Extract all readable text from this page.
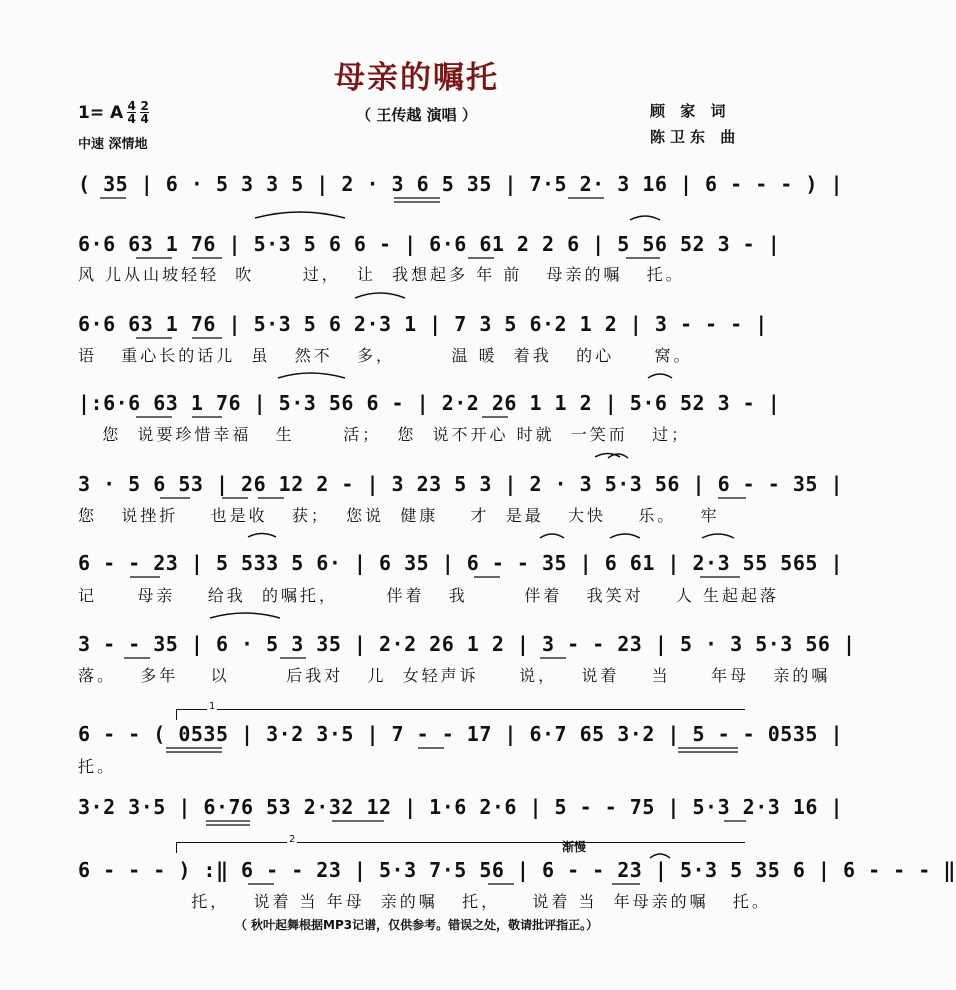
母亲的嘱托
（ 王传越 演唱 ）
1= A $\frac{4}{4} \frac{2}{4}$
中速 深情地
顾 家 词
陈卫东 曲
( 35 | 6 · 5 3 3 5 | 2 · 3 6 5 35 | 7·5 2· 3 16 | 6 - - - ) |
6·6 63 1 76 | 5·3 5 6 6 - | 6·6 61 2 2 6 | 5 56 52 3 - |
风 儿从山坡轻轻  吹      过，  让  我想起多 年 前   母亲的嘱   托。
6·6 63 1 76 | 5·3 5 6 2·3 1 | 7 3 5 6·2 1 2 | 3 - - - |
语   重心长的话儿  虽   然不   多，       温 暖  着我   的心     窝。
|:6·6 63 1 76 | 5·3 56 6 - | 2·2 26 1 1 2 | 5·6 52 3 - |
您  说要珍惜幸福   生      活；  您  说不开心 时就  一笑而   过；
3 · 5 6 53 | 26 12 2 - | 3 23 5 3 | 2 · 3 5·3 56 | 6 - - 35 |
您   说挫折    也是收   获；  您说  健康    才  是最   大快    乐。   牢
6 - - 23 | 5 533 5 6· | 6 35 | 6 - - 35 | 6 61 | 2·3 55 565 |
记     母亲    给我  的嘱托，      伴着   我       伴着   我笑对    人 生起起落
3 - - 35 | 6 · 5 3 35 | 2·2 26 1 2 | 3 - - 23 | 5 · 3 5·3 56 |
落。   多年    以       后我对   儿  女轻声诉     说，   说着    当     年母   亲的嘱
1
6 - - ( 0535 | 3·2 3·5 | 7 - - 17 | 6·7 65 3·2 | 5 - - 0535 |
托。
3·2 3·5 | 6·76 53 2·32 12 | 1·6 2·6 | 5 - - 75 | 5·3 2·3 16 |
2
渐慢
6 - - - ) :‖ 6 - - 23 | 5·3 7·5 56 | 6 - - 23 | 5·3 5 35 6 | 6 - - - ‖
托，   说着 当 年母  亲的嘱   托，    说着 当  年母亲的嘱   托。
（ 秋叶起舞根据MP3记谱，仅供参考。错误之处，敬请批评指正。）
